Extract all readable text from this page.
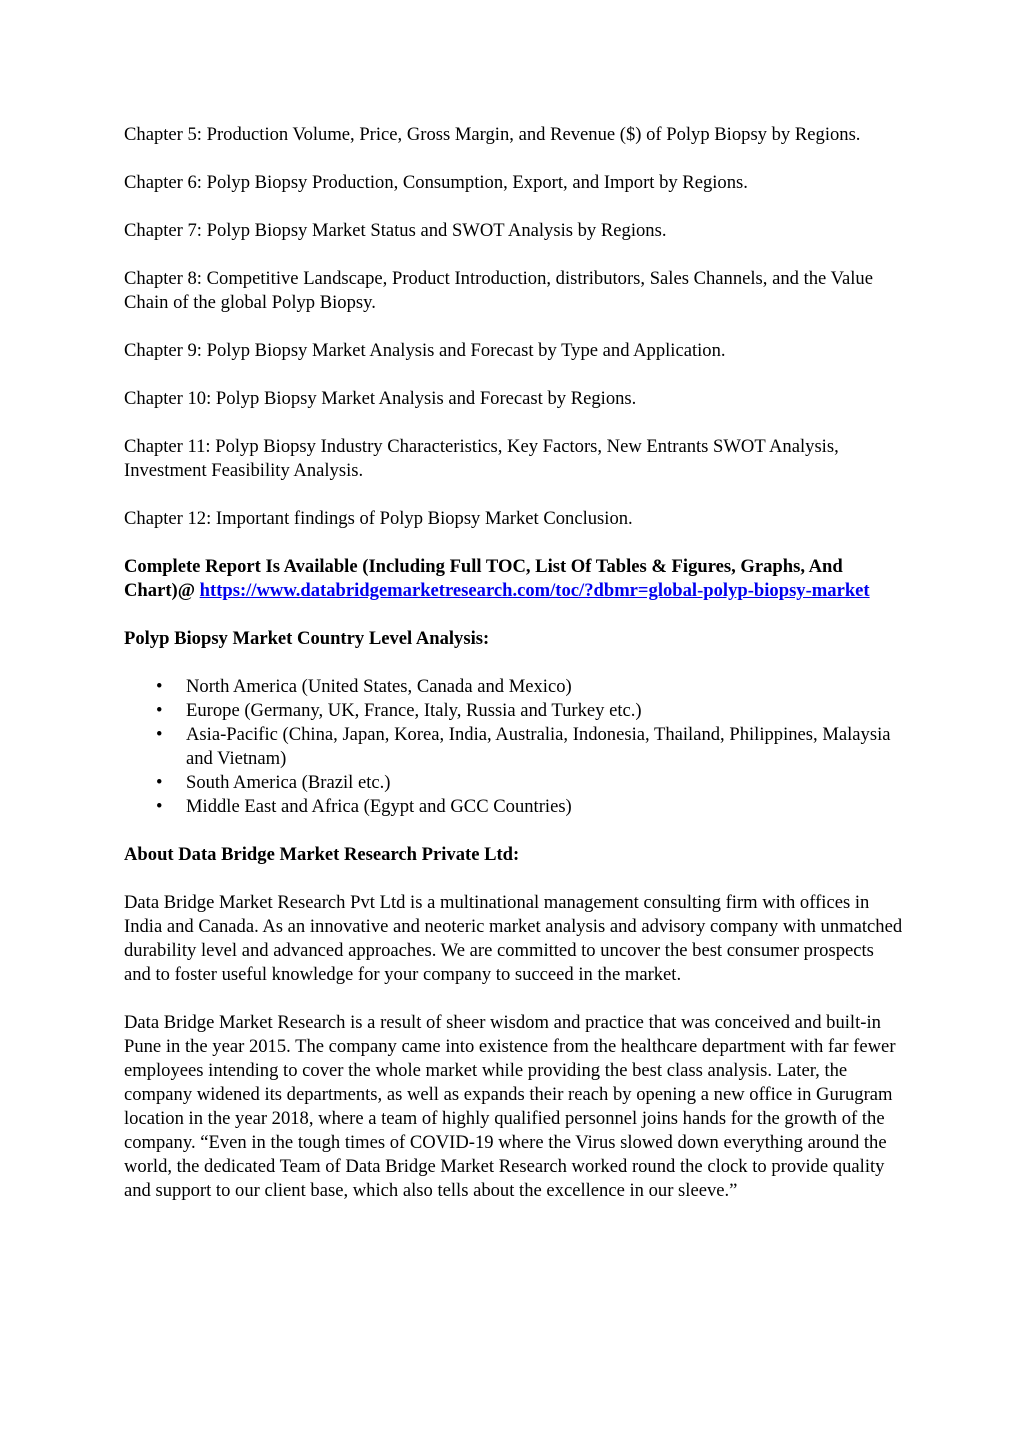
Chapter 5: Production Volume, Price, Gross Margin, and Revenue ($) of Polyp Biopsy by Regions.

Chapter 6: Polyp Biopsy Production, Consumption, Export, and Import by Regions.

Chapter 7: Polyp Biopsy Market Status and SWOT Analysis by Regions.

Chapter 8: Competitive Landscape, Product Introduction, distributors, Sales Channels, and the Value Chain of the global Polyp Biopsy.

Chapter 9: Polyp Biopsy Market Analysis and Forecast by Type and Application.

Chapter 10: Polyp Biopsy Market Analysis and Forecast by Regions.

Chapter 11: Polyp Biopsy Industry Characteristics, Key Factors, New Entrants SWOT Analysis, Investment Feasibility Analysis.

Chapter 12: Important findings of Polyp Biopsy Market Conclusion.

Complete Report Is Available (Including Full TOC, List Of Tables & Figures, Graphs, And Chart)@ https://www.databridgemarketresearch.com/toc/?dbmr=global-polyp-biopsy-market

Polyp Biopsy Market Country Level Analysis:

• North America (United States, Canada and Mexico)
• Europe (Germany, UK, France, Italy, Russia and Turkey etc.)
• Asia-Pacific (China, Japan, Korea, India, Australia, Indonesia, Thailand, Philippines, Malaysia and Vietnam)
• South America (Brazil etc.)
• Middle East and Africa (Egypt and GCC Countries)

About Data Bridge Market Research Private Ltd:

Data Bridge Market Research Pvt Ltd is a multinational management consulting firm with offices in India and Canada. As an innovative and neoteric market analysis and advisory company with unmatched durability level and advanced approaches. We are committed to uncover the best consumer prospects and to foster useful knowledge for your company to succeed in the market.

Data Bridge Market Research is a result of sheer wisdom and practice that was conceived and built-in Pune in the year 2015. The company came into existence from the healthcare department with far fewer employees intending to cover the whole market while providing the best class analysis. Later, the company widened its departments, as well as expands their reach by opening a new office in Gurugram location in the year 2018, where a team of highly qualified personnel joins hands for the growth of the company. “Even in the tough times of COVID-19 where the Virus slowed down everything around the world, the dedicated Team of Data Bridge Market Research worked round the clock to provide quality and support to our client base, which also tells about the excellence in our sleeve.”
